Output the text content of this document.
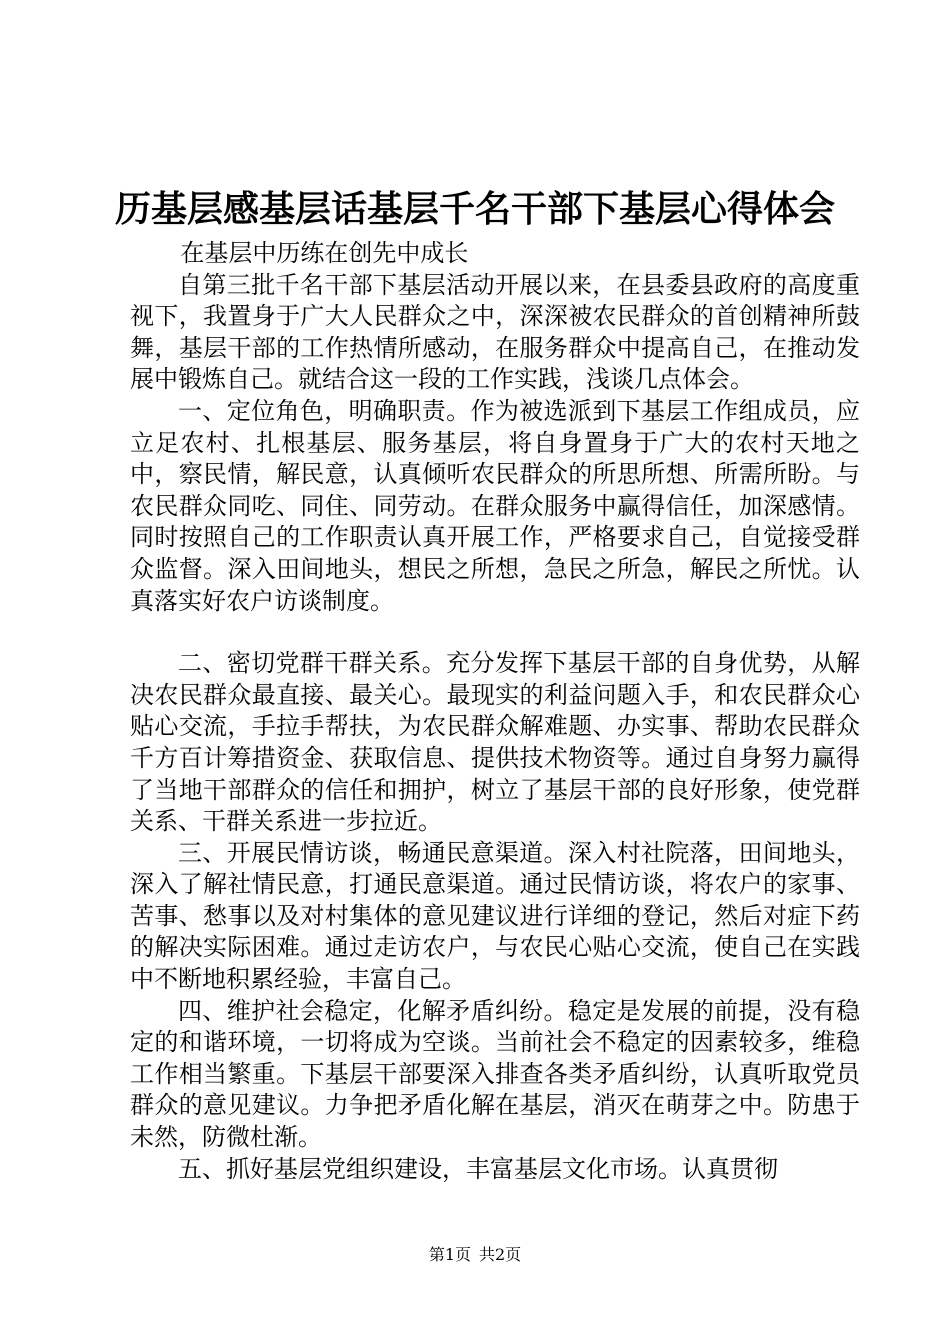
历基层感基层话基层千名干部下基层心得体会

在基层中历练在创先中成长

自第三批千名干部下基层活动开展以来，在县委县政府的高度重视下，我置身于广大人民群众之中，深深被农民群众的首创精神所鼓舞，基层干部的工作热情所感动，在服务群众中提高自己，在推动发展中锻炼自己。就结合这一段的工作实践，浅谈几点体会。

一、定位角色，明确职责。作为被选派到下基层工作组成员，应立足农村、扎根基层、服务基层，将自身置身于广大的农村天地之中，察民情，解民意，认真倾听农民群众的所思所想、所需所盼。与农民群众同吃、同住、同劳动。在群众服务中赢得信任，加深感情。同时按照自己的工作职责认真开展工作，严格要求自己，自觉接受群众监督。深入田间地头，想民之所想，急民之所急，解民之所忧。认真落实好农户访谈制度。

二、密切党群干群关系。充分发挥下基层干部的自身优势，从解决农民群众最直接、最关心。最现实的利益问题入手，和农民群众心贴心交流，手拉手帮扶，为农民群众解难题、办实事、帮助农民群众千方百计筹措资金、获取信息、提供技术物资等。通过自身努力赢得了当地干部群众的信任和拥护，树立了基层干部的良好形象，使党群关系、干群关系进一步拉近。

三、开展民情访谈，畅通民意渠道。深入村社院落，田间地头，深入了解社情民意，打通民意渠道。通过民情访谈，将农户的家事、苦事、愁事以及对村集体的意见建议进行详细的登记，然后对症下药的解决实际困难。通过走访农户，与农民心贴心交流，使自己在实践中不断地积累经验，丰富自己。

四、维护社会稳定，化解矛盾纠纷。稳定是发展的前提，没有稳定的和谐环境，一切将成为空谈。当前社会不稳定的因素较多，维稳工作相当繁重。下基层干部要深入排查各类矛盾纠纷，认真听取党员群众的意见建议。力争把矛盾化解在基层，消灭在萌芽之中。防患于未然，防微杜渐。

五、抓好基层党组织建设，丰富基层文化市场。认真贯彻

第1页 共2页
